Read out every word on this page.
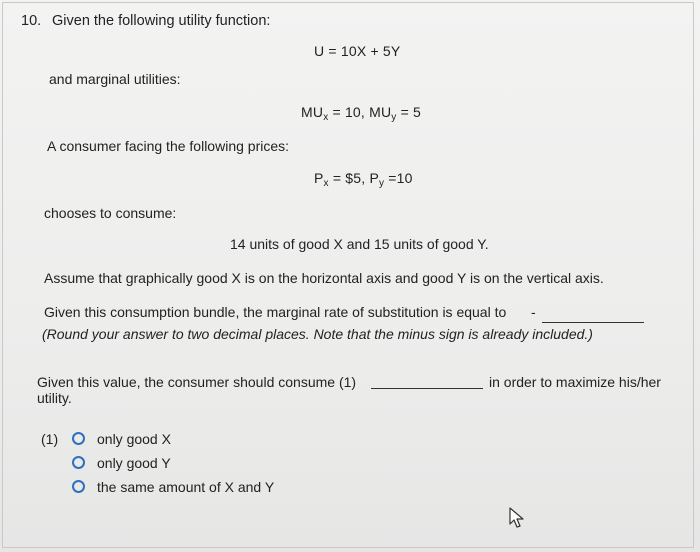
10. Given the following utility function:
U = 10X + 5Y
and marginal utilities:
$MU_x = 10$, $MU_y = 5$
A consumer facing the following prices:
$P_x$ = $5, $P_y =10$
chooses to consume:
14 units of good X and 15 units of good Y.
Assume that graphically good X is on the horizontal axis and good Y is on the vertical axis.
Given this consumption bundle, the marginal rate of substitution is equal to -
(Round your answer to two decimal places. Note that the minus sign is already included.)
Given this value, the consumer should consume (1)	in order to maximize his/her
utility.
(1)	only good X
only good Y
the same amount of X and Y
